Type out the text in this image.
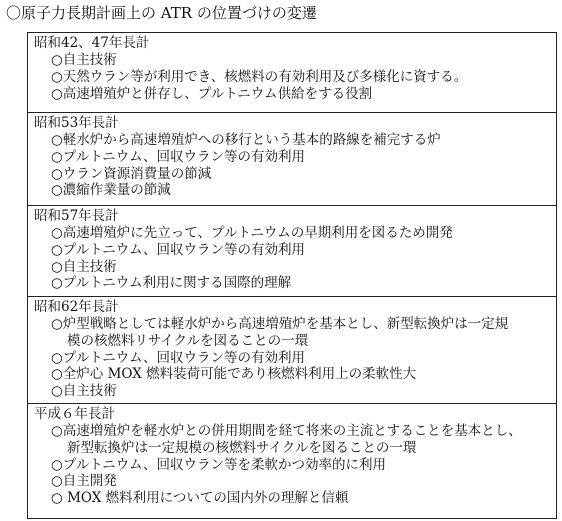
〇原子力長期計画上の ATR の位置づけの変遷
昭和42、47年長計
○自主技術
○天然ウラン等が利用でき、核燃料の有効利用及び多様化に資する。
○高速増殖炉と併存し、プルトニウム供給をする役割
昭和53年長計
○軽水炉から高速増殖炉への移行という基本的路線を補完する炉
○プルトニウム、回収ウラン等の有効利用
○ウラン資源消費量の節減
○濃縮作業量の節減
昭和57年長計
○高速増殖炉に先立って、プルトニウムの早期利用を図るため開発
○プルトニウム、回収ウラン等の有効利用
○自主技術
○プルトニウム利用に関する国際的理解
昭和62年長計
○炉型戦略としては軽水炉から高速増殖炉を基本とし、新型転換炉は一定規
模の核燃料リサイクルを図ることの一環
○プルトニウム、回収ウラン等の有効利用
○全炉心 MOX 燃料装荷可能であり核燃料利用上の柔軟性大
○自主技術
平成６年長計
○高速増殖炉を軽水炉との併用期間を経て将来の主流とすることを基本とし、
新型転換炉は一定規模の核燃料サイクルを図ることの一環
○プルトニウム、回収ウラン等を柔軟かつ効率的に利用
○自主開発
○ MOX 燃料利用についての国内外の理解と信頼
